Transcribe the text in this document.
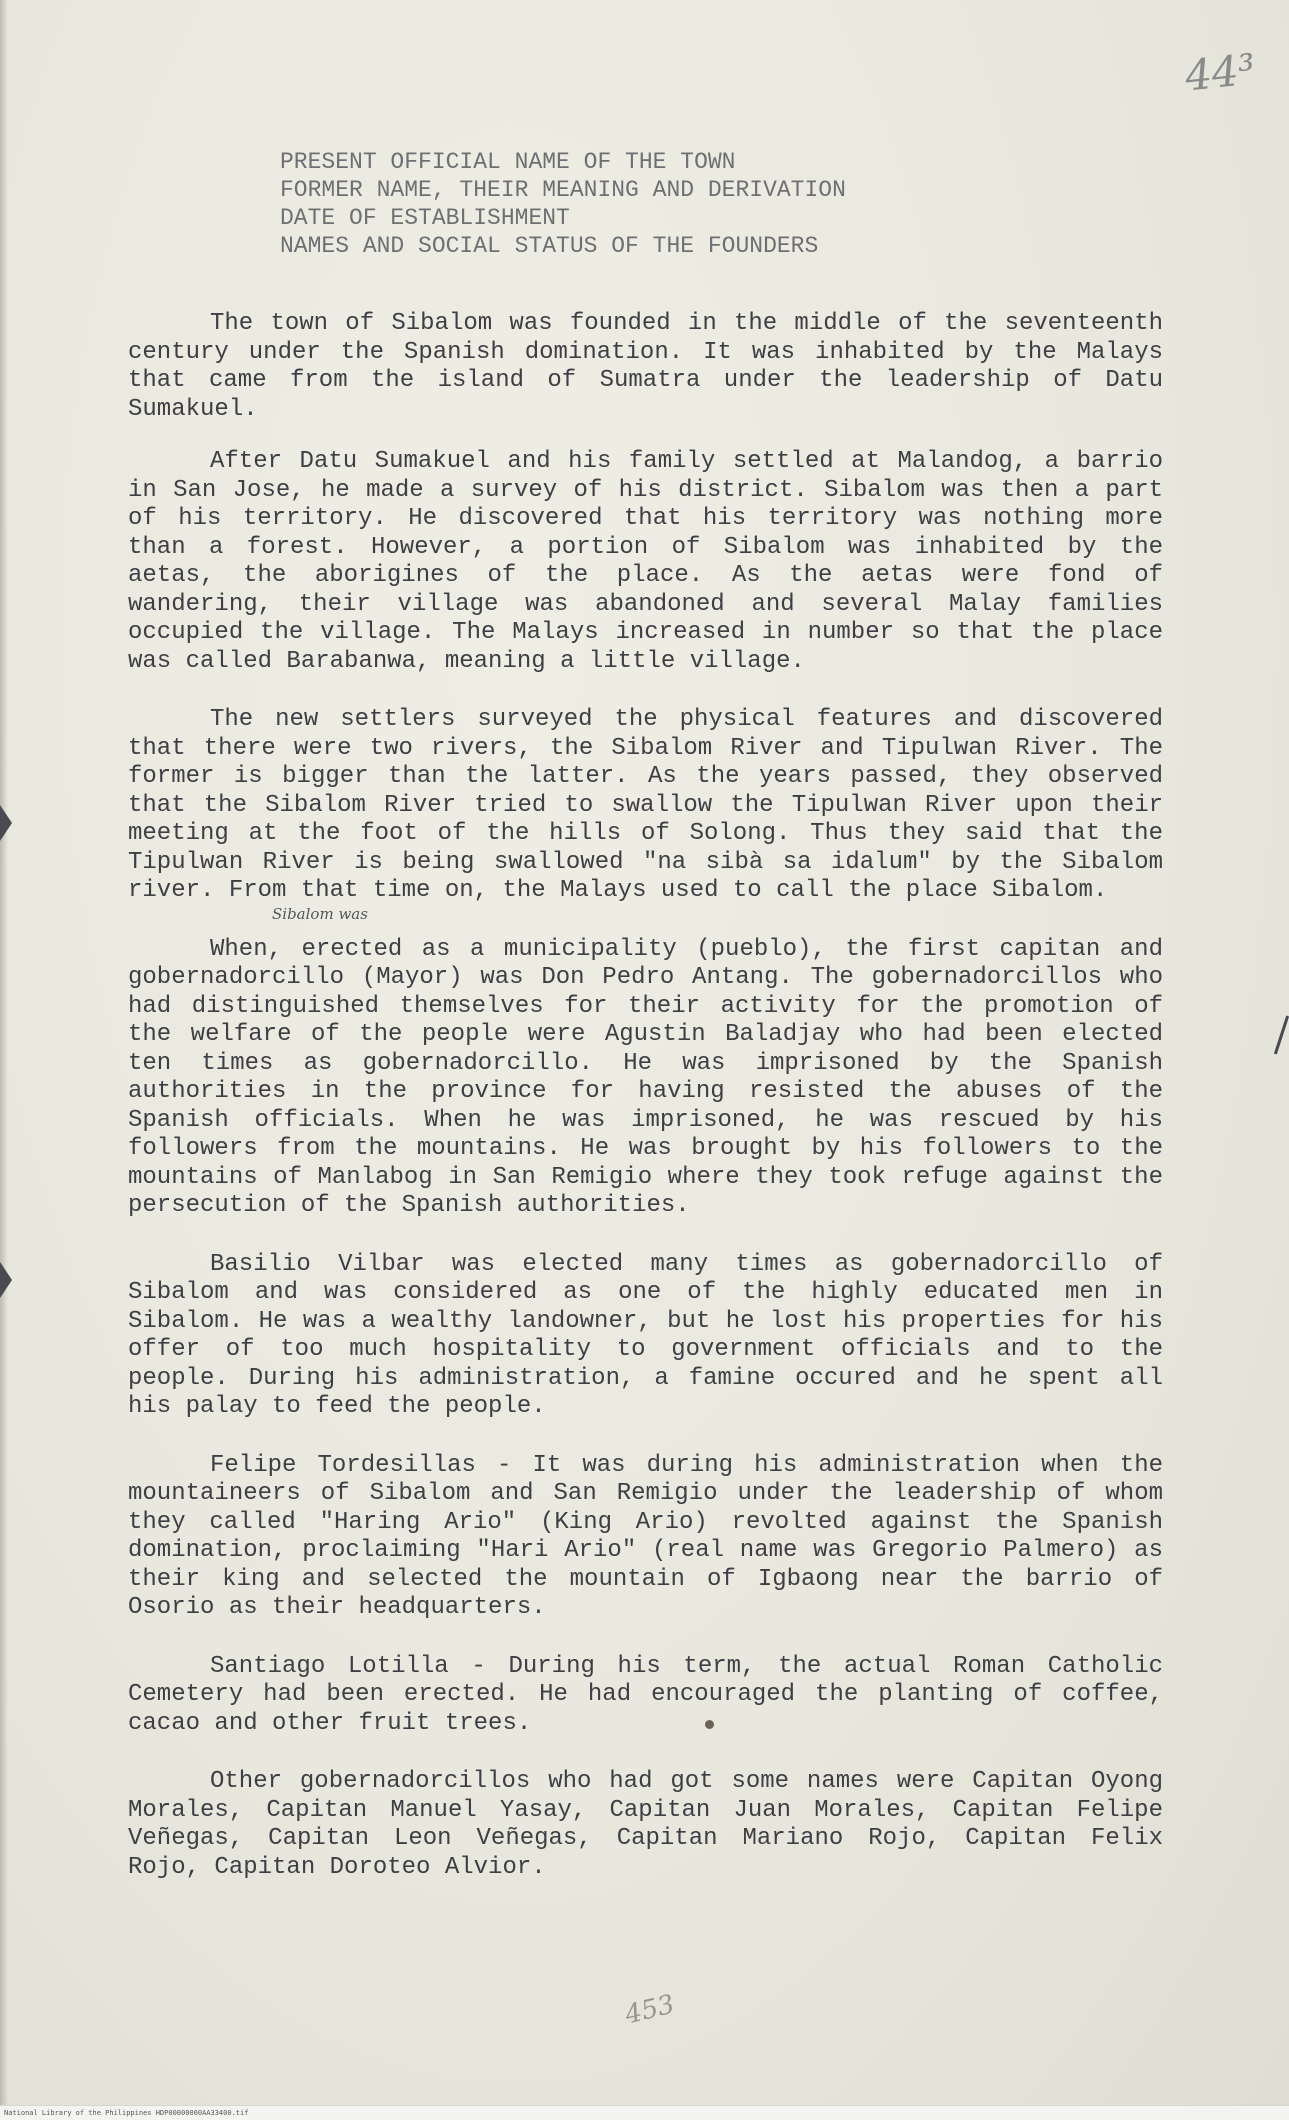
44³
PRESENT OFFICIAL NAME OF THE TOWN
FORMER NAME, THEIR MEANING AND DERIVATION
DATE OF ESTABLISHMENT
NAMES AND SOCIAL STATUS OF THE FOUNDERS
Sibalom was

The town of Sibalom was founded in the middle of the seventeenth century under the Spanish domination. It was inhabited by the Malays that came from the island of Sumatra under the leadership of Datu Sumakuel.

After Datu Sumakuel and his family settled at Malandog, a barrio in San Jose, he made a survey of his district. Sibalom was then a part of his territory. He discovered that his territory was nothing more than a forest. However, a portion of Sibalom was inhabited by the aetas, the aborigines of the place. As the aetas were fond of wandering, their village was abandoned and several Malay families occupied the village. The Malays increased in number so that the place was called Barabanwa, meaning a little village.

The new settlers surveyed the physical features and discovered that there were two rivers, the Sibalom River and Tipulwan River. The former is bigger than the latter. As the years passed, they observed that the Sibalom River tried to swallow the Tipulwan River upon their meeting at the foot of the hills of Solong. Thus they said that the Tipulwan River is being swallowed "na sibà sa idalum" by the Sibalom river. From that time on, the Malays used to call the place Sibalom.

When, erected as a municipality (pueblo), the first capitan and gobernadorcillo (Mayor) was Don Pedro Antang. The gobernadorcillos who had distinguished themselves for their activity for the promotion of the welfare of the people were Agustin Baladjay who had been elected ten times as gobernadorcillo. He was imprisoned by the Spanish authorities in the province for having resisted the abuses of the Spanish officials. When he was imprisoned, he was rescued by his followers from the mountains. He was brought by his followers to the mountains of Manlabog in San Remigio where they took refuge against the persecution of the Spanish authorities.

Basilio Vilbar was elected many times as gobernadorcillo of Sibalom and was considered as one of the highly educated men in Sibalom. He was a wealthy landowner, but he lost his properties for his offer of too much hospitality to government officials and to the people. During his administration, a famine occured and he spent all his palay to feed the people.

Felipe Tordesillas - It was during his administration when the mountaineers of Sibalom and San Remigio under the leadership of whom they called "Haring Ario" (King Ario) revolted against the Spanish domination, proclaiming "Hari Ario" (real name was Gregorio Palmero) as their king and selected the mountain of Igbaong near the barrio of Osorio as their headquarters.

Santiago Lotilla - During his term, the actual Roman Catholic Cemetery had been erected. He had encouraged the planting of coffee, cacao and other fruit trees.

Other gobernadorcillos who had got some names were Capitan Oyong Morales, Capitan Manuel Yasay, Capitan Juan Morales, Capitan Felipe Veñegas, Capitan Leon Veñegas, Capitan Mariano Rojo, Capitan Felix Rojo, Capitan Doroteo Alvior.

453
National Library of the Philippines HDP00000000AA33400.tif
